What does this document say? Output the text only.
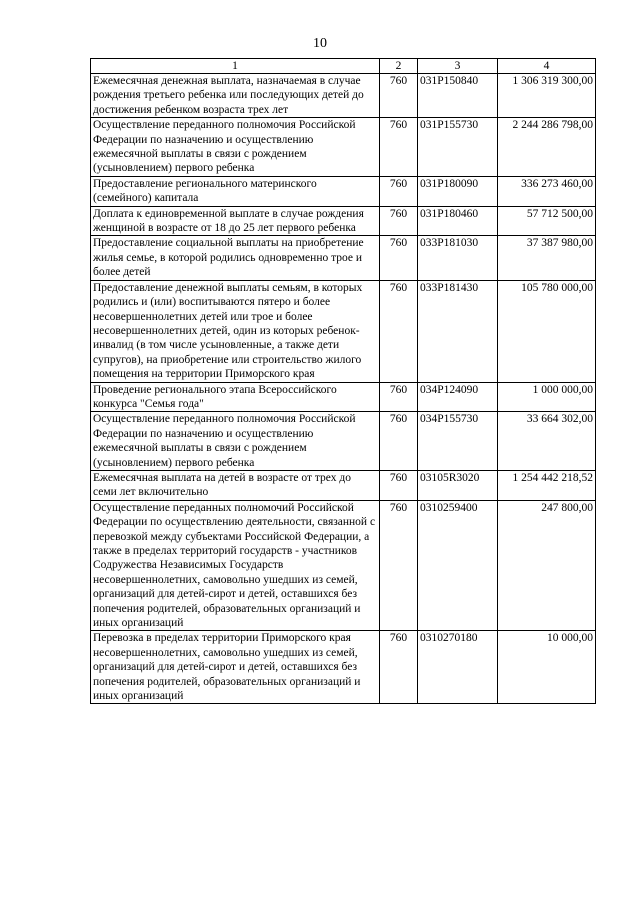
10
1	2	3	4
Ежемесячная денежная выплата, назначаемая в случае рождения третьего ребенка или последующих детей до достижения ребенком возраста трех лет	760	031P150840	1 306 319 300,00
Осуществление переданного полномочия Российской Федерации по назначению и осуществлению ежемесячной выплаты в связи с рождением (усыновлением) первого ребенка	760	031P155730	2 244 286 798,00
Предоставление регионального материнского (семейного) капитала	760	031P180090	336 273 460,00
Доплата к единовременной выплате в случае рождения женщиной в возрасте от 18 до 25 лет первого ребенка	760	031P180460	57 712 500,00
Предоставление социальной выплаты на приобретение жилья семье, в которой родились одновременно трое и более детей	760	033P181030	37 387 980,00
Предоставление денежной выплаты семьям, в которых родились и (или) воспитываются пятеро и более несовершеннолетних детей или трое и более несовершеннолетних детей, один из которых ребенок-инвалид (в том числе усыновленные, а также дети супругов), на приобретение или строительство жилого помещения на территории Приморского края	760	033P181430	105 780 000,00
Проведение регионального этапа Всероссийского конкурса "Семья года"	760	034P124090	1 000 000,00
Осуществление переданного полномочия Российской Федерации по назначению и осуществлению ежемесячной выплаты в связи с рождением (усыновлением) первого ребенка	760	034P155730	33 664 302,00
Ежемесячная выплата на детей в возрасте от трех до семи лет включительно	760	03105R3020	1 254 442 218,52
Осуществление переданных полномочий Российской Федерации по осуществлению деятельности, связанной с перевозкой между субъектами Российской Федерации, а также в пределах территорий государств - участников Содружества Независимых Государств несовершеннолетних, самовольно ушедших из семей, организаций для детей-сирот и детей, оставшихся без попечения родителей, образовательных организаций и иных организаций	760	0310259400	247 800,00
Перевозка в пределах территории Приморского края несовершеннолетних, самовольно ушедших из семей, организаций для детей-сирот и детей, оставшихся без попечения родителей, образовательных организаций и иных организаций	760	0310270180	10 000,00
